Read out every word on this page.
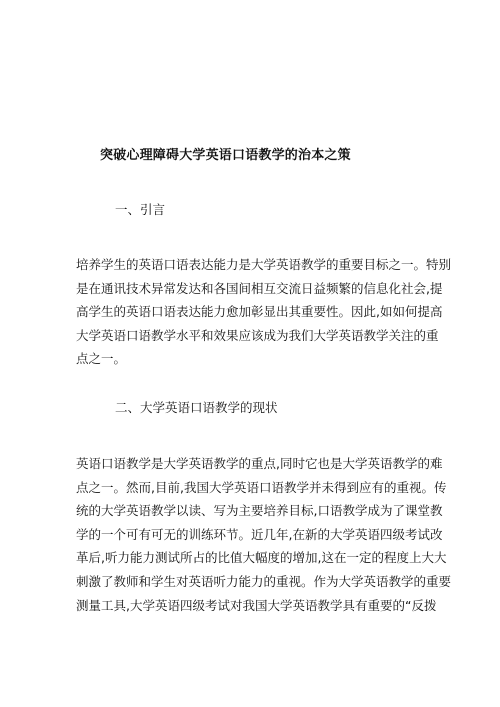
突破心理障碍大学英语口语教学的治本之策
一、引言
培养学生的英语口语表达能力是大学英语教学的重要目标之一。特别
是在通讯技术异常发达和各国间相互交流日益频繁的信息化社会,提
高学生的英语口语表达能力愈加彰显出其重要性。因此,如如何提高
大学英语口语教学水平和效果应该成为我们大学英语教学关注的重
点之一。
二、大学英语口语教学的现状
英语口语教学是大学英语教学的重点,同时它也是大学英语教学的难
点之一。然而,目前,我国大学英语口语教学并未得到应有的重视。传
统的大学英语教学以读、写为主要培养目标,口语教学成为了课堂教
学的一个可有可无的训练环节。近几年,在新的大学英语四级考试改
革后,听力能力测试所占的比值大幅度的增加,这在一定的程度上大大
刺激了教师和学生对英语听力能力的重视。作为大学英语教学的重要
测量工具,大学英语四级考试对我国大学英语教学具有重要的“反拨
